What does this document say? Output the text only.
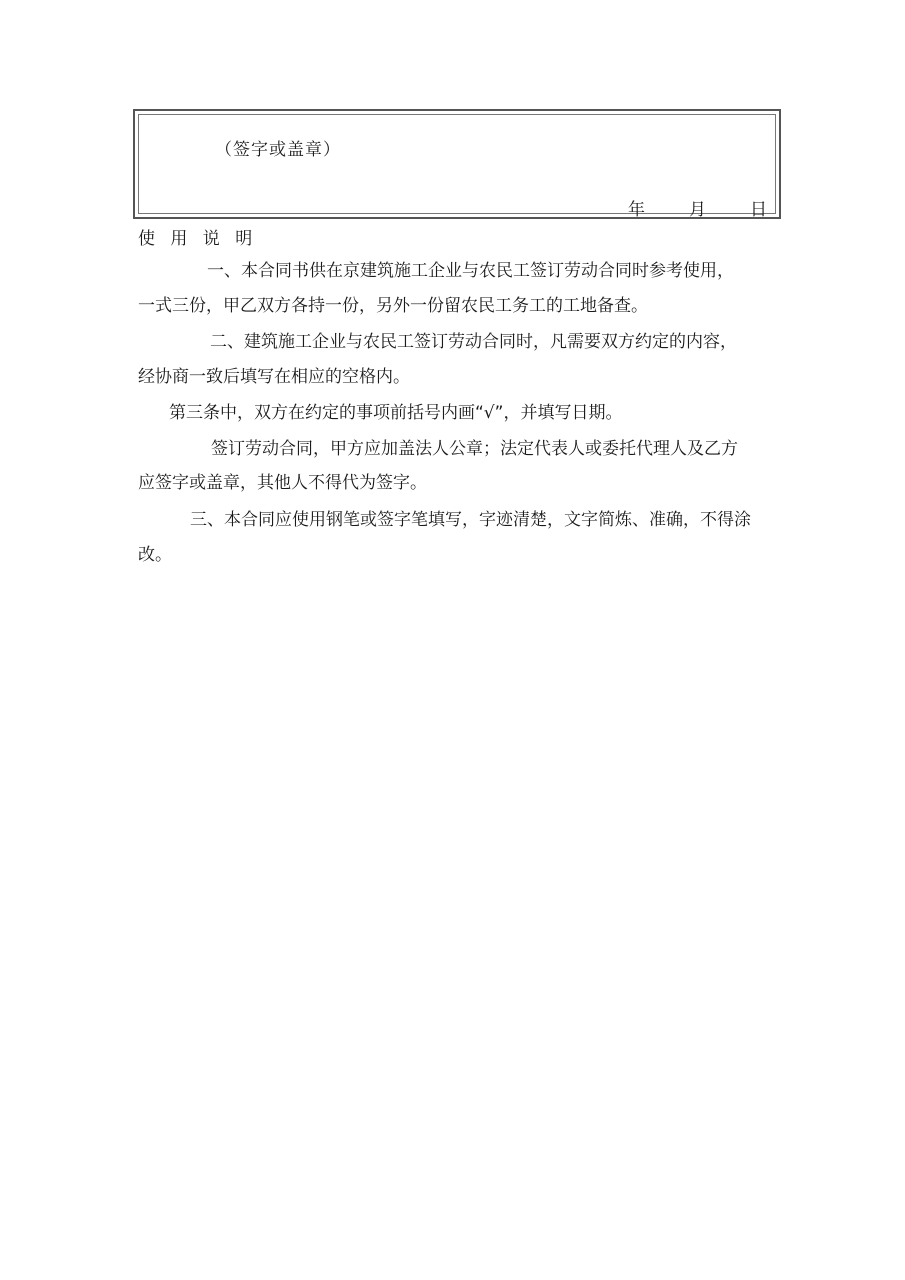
（签字或盖章）
年	月	日
使 用 说 明
一、本合同书供在京建筑施工企业与农民工签订劳动合同时参考使用，
一式三份，甲乙双方各持一份，另外一份留农民工务工的工地备查。
二、建筑施工企业与农民工签订劳动合同时，凡需要双方约定的内容，
经协商一致后填写在相应的空格内。
第三条中，双方在约定的事项前括号内画“√”，并填写日期。
签订劳动合同，甲方应加盖法人公章；法定代表人或委托代理人及乙方
应签字或盖章，其他人不得代为签字。
三、本合同应使用钢笔或签字笔填写，字迹清楚，文字简炼、准确，不得涂
改。
